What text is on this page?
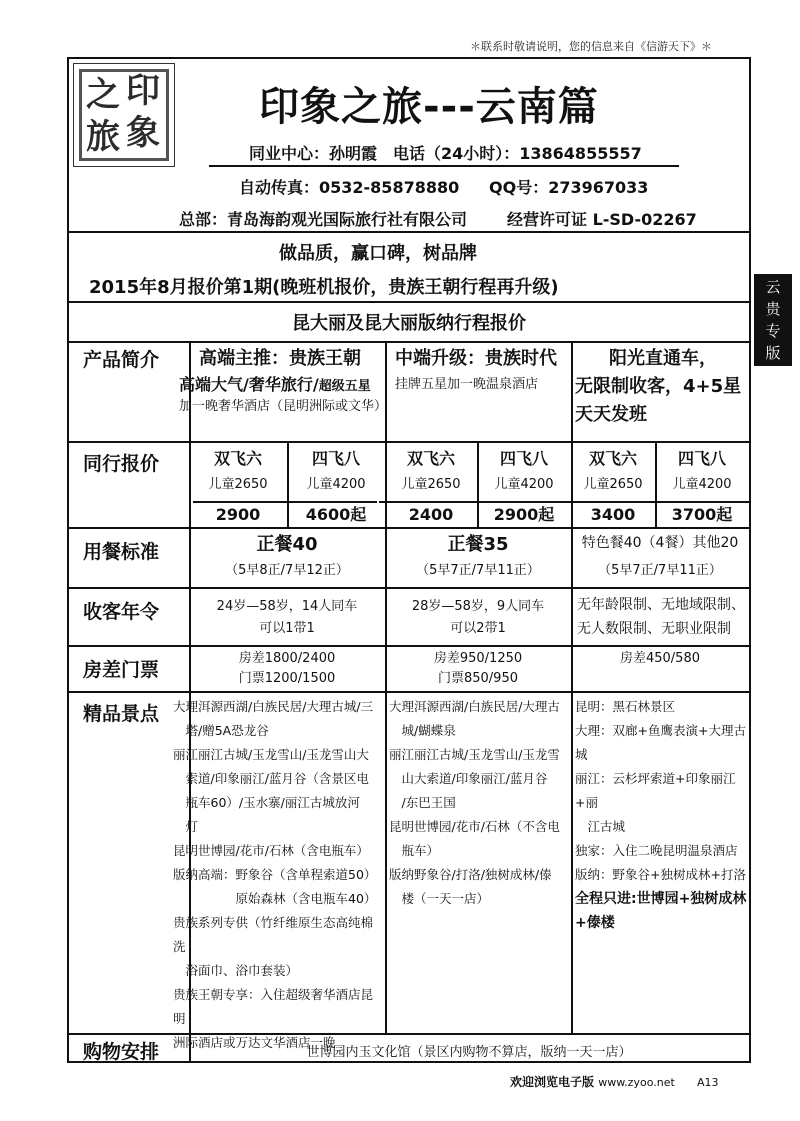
＊联系时敬请说明，您的信息来自《信游天下》＊
云
贵
专
版
之 印
旅 象
印象之旅---云南篇
同业中心：孙明霞　电话（24小时）：13864855557
自动传真：0532-85878880 QQ号：273967033
总部：青岛海韵观光国际旅行社有限公司 经营许可证 L-SD-02267
做品质，赢口碑，树品牌
2015年8月报价第1期(晚班机报价，贵族王朝行程再升级)
昆大丽及昆大丽版纳行程报价
产品简介
同行报价
用餐标准
收客年令
房差门票
精品景点
购物安排
高端主推：贵族王朝
高端大气/奢华旅行/超级五星
加一晚奢华酒店（昆明洲际或文华）
中端升级：贵族时代
挂牌五星加一晚温泉酒店
阳光直通车，
无限制收客，4+5星
天天发班
双飞六
儿童2650
2900
四飞八
儿童4200
4600起
双飞六
儿童2650
2400
四飞八
儿童4200
2900起
双飞六
儿童2650
3400
四飞八
儿童4200
3700起
正餐40
（5早8正/7早12正）
正餐35
（5早7正/7早11正）
特色餐40（4餐）其他20
（5早7正/7早11正）
24岁—58岁，14人同车
可以1带1
28岁—58岁，9人同车
可以2带1
无年龄限制、无地域限制、
无人数限制、无职业限制
房差1800/2400
门票1200/1500
房差950/1250
门票850/950
房差450/580
大理洱源西湖/白族民居/大理古城/三
　塔/赠5A恐龙谷
丽江丽江古城/玉龙雪山/玉龙雪山大
　索道/印象丽江/蓝月谷（含景区电
　瓶车60）/玉水寨/丽江古城放河
　灯
昆明世博园/花市/石林（含电瓶车）
版纳高端：野象谷（含单程索道50）
　　　　　原始森林（含电瓶车40）
贵族系列专供（竹纤维原生态高纯棉洗
　浴面巾、浴巾套装）
贵族王朝专享：入住超级奢华酒店昆明
洲际酒店或万达文华酒店一晚
大理洱源西湖/白族民居/大理古
　城/蝴蝶泉
丽江丽江古城/玉龙雪山/玉龙雪
　山大索道/印象丽江/蓝月谷
　/东巴王国
昆明世博园/花市/石林（不含电
　瓶车）
版纳野象谷/打洛/独树成林/傣
　楼（一天一店）
昆明：黑石林景区
大理：双廊+鱼鹰表演+大理古城
丽江：云杉坪索道+印象丽江+丽
　江古城
独家：入住二晚昆明温泉酒店
版纳：野象谷+独树成林+打洛
全程只进:世博园+独树成林
+傣楼
世博园内玉文化馆（景区内购物不算店，版纳一天一店）
欢迎浏览电子版 www.zyoo.net A13
